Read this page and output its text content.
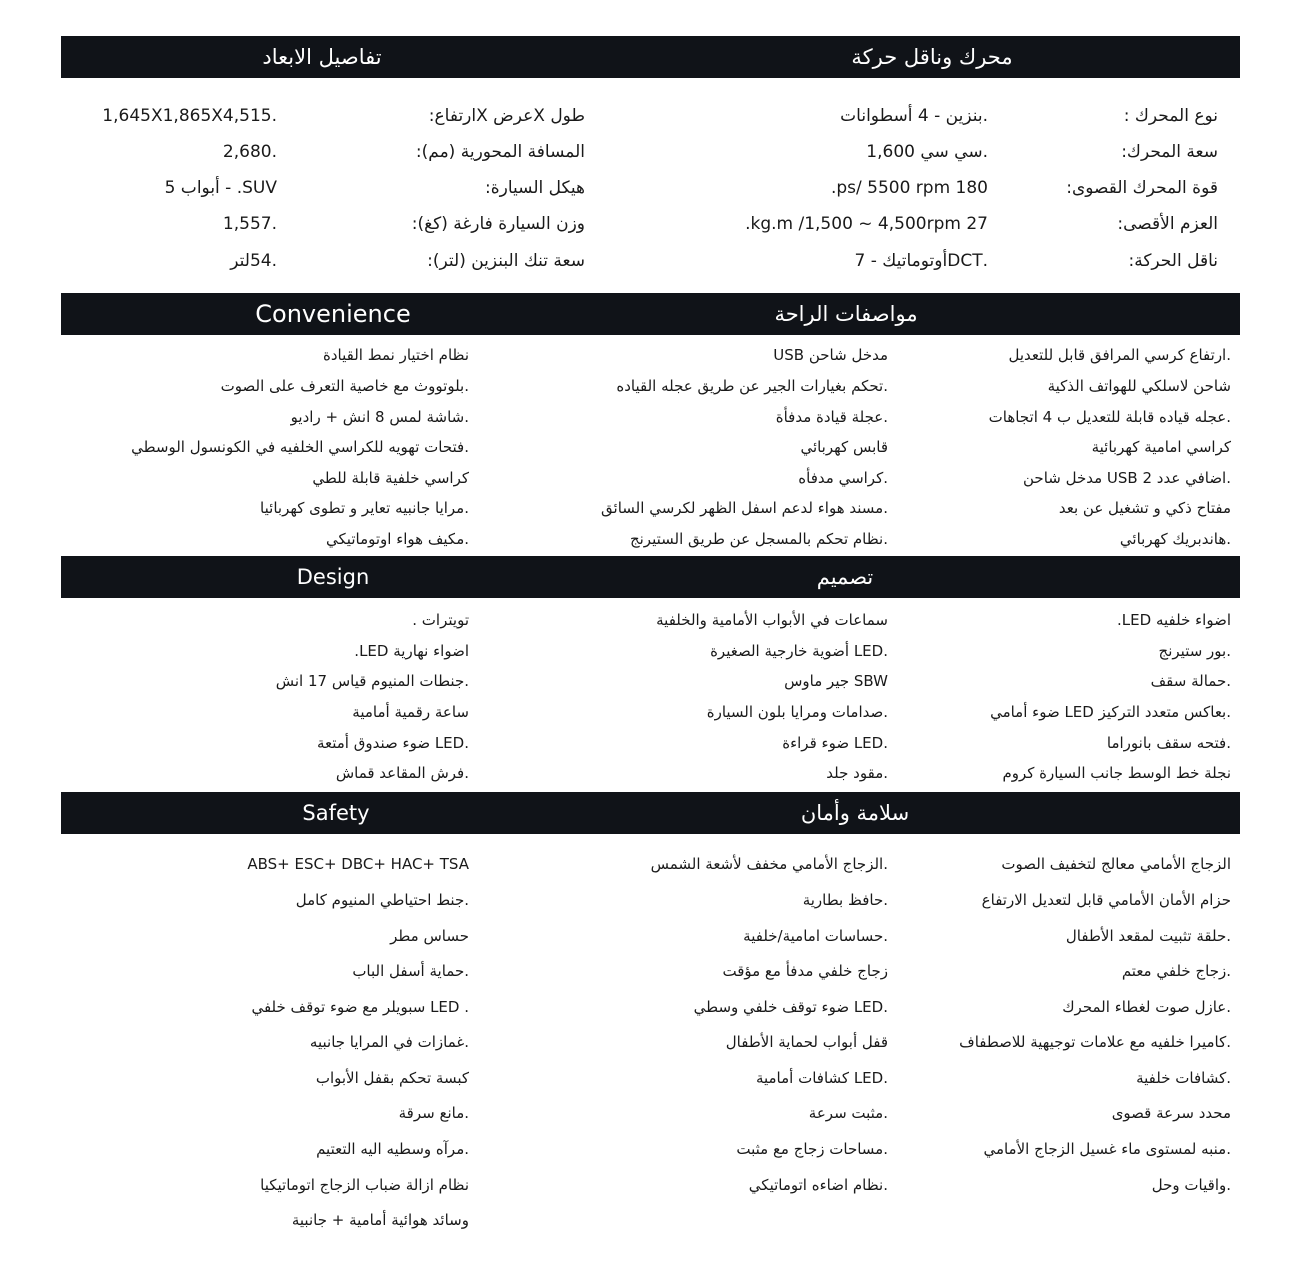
محرك وناقل حركة
تفاصيل الابعاد
نوع المحرك :
.بنزين - 4 أسطوانات
سعة المحرك:
.سي سي 1,600
قوة المحرك القصوى:
180 ps/ 5500 rpm.
العزم الأقصى:
27 kg.m /1,500 ~ 4,500rpm.
ناقل الحركة:
.DCTأوتوماتيك - 7
طول Xعرض Xارتفاع:
.1,645X1,865X4,515
المسافة المحورية (مم):
.2,680
هيكل السيارة:
SUV. - أبواب 5
وزن السيارة فارغة (كغ):
.1,557
سعة تنك البنزين (لتر):
.54لتر
مواصفات الراحة
Convenience
.ارتفاع كرسي المرافق قابل للتعديل
مدخل شاحن USB
نظام اختيار نمط القيادة
شاحن لاسلكي للهواتف الذكية
.تحكم بغيارات الجير عن طريق عجله القياده
.بلوتووث مع خاصية التعرف على الصوت
.عجله قياده قابلة للتعديل ب 4 اتجاهات
.عجلة قيادة مدفأة
.شاشة لمس 8 انش + راديو
كراسي امامية كهربائية
قابس كهربائي
.فتحات تهويه للكراسي الخلفيه في الكونسول الوسطي
.اضافي عدد 2 USB مدخل شاحن
.كراسي مدفأه
كراسي خلفية قابلة للطي
مفتاح ذكي و تشغيل عن بعد
.مسند هواء لدعم اسفل الظهر لكرسي السائق
.مرايا جانبيه تعاير و تطوى كهربائيا
.هاندبريك كهربائي
.نظام تحكم بالمسجل عن طريق الستيرنج
.مكيف هواء اوتوماتيكي
تصميم
Design
اضواء خلفيه LED.
سماعات في الأبواب الأمامية والخلفية
تويترات .
.بور ستيرنج
.LED أضوية خارجية الصغيرة
اضواء نهارية LED.
.حمالة سقف
SBW جير ماوس
.جنطات المنيوم قياس 17 انش
.بعاكس متعدد التركيز LED ضوء أمامي
.صدامات ومرايا بلون السيارة
ساعة رقمية أمامية
.فتحه سقف بانوراما
.LED ضوء قراءة
.LED ضوء صندوق أمتعة
نجلة خط الوسط جانب السيارة كروم
.مقود جلد
.فرش المقاعد قماش
سلامة وأمان
Safety
الزجاج الأمامي معالج لتخفيف الصوت
.الزجاج الأمامي مخفف لأشعة الشمس
ABS+ ESC+ DBC+ HAC+ TSA
حزام الأمان الأمامي قابل لتعديل الارتفاع
.حافظ بطارية
.جنط احتياطي المنيوم كامل
.حلقة تثبيت لمقعد الأطفال
.حساسات امامية/خلفية
حساس مطر
.زجاج خلفي معتم
زجاج خلفي مدفأ مع مؤقت
.حماية أسفل الباب
.عازل صوت لغطاء المحرك
.LED ضوء توقف خلفي وسطي
. LED سبويلر مع ضوء توقف خلفي
.كاميرا خلفيه مع علامات توجيهية للاصطفاف
قفل أبواب لحماية الأطفال
.غمازات في المرايا جانبيه
.كشافات خلفية
.LED كشافات أمامية
كبسة تحكم بقفل الأبواب
محدد سرعة قصوى
.مثبت سرعة
.مانع سرقة
.منبه لمستوى ماء غسيل الزجاج الأمامي
.مساحات زجاج مع مثبت
.مرآه وسطيه اليه التعتيم
.واقيات وحل
.نظام اضاءه اتوماتيكي
نظام ازالة ضباب الزجاج اتوماتيكيا
وسائد هوائية أمامية + جانبية
